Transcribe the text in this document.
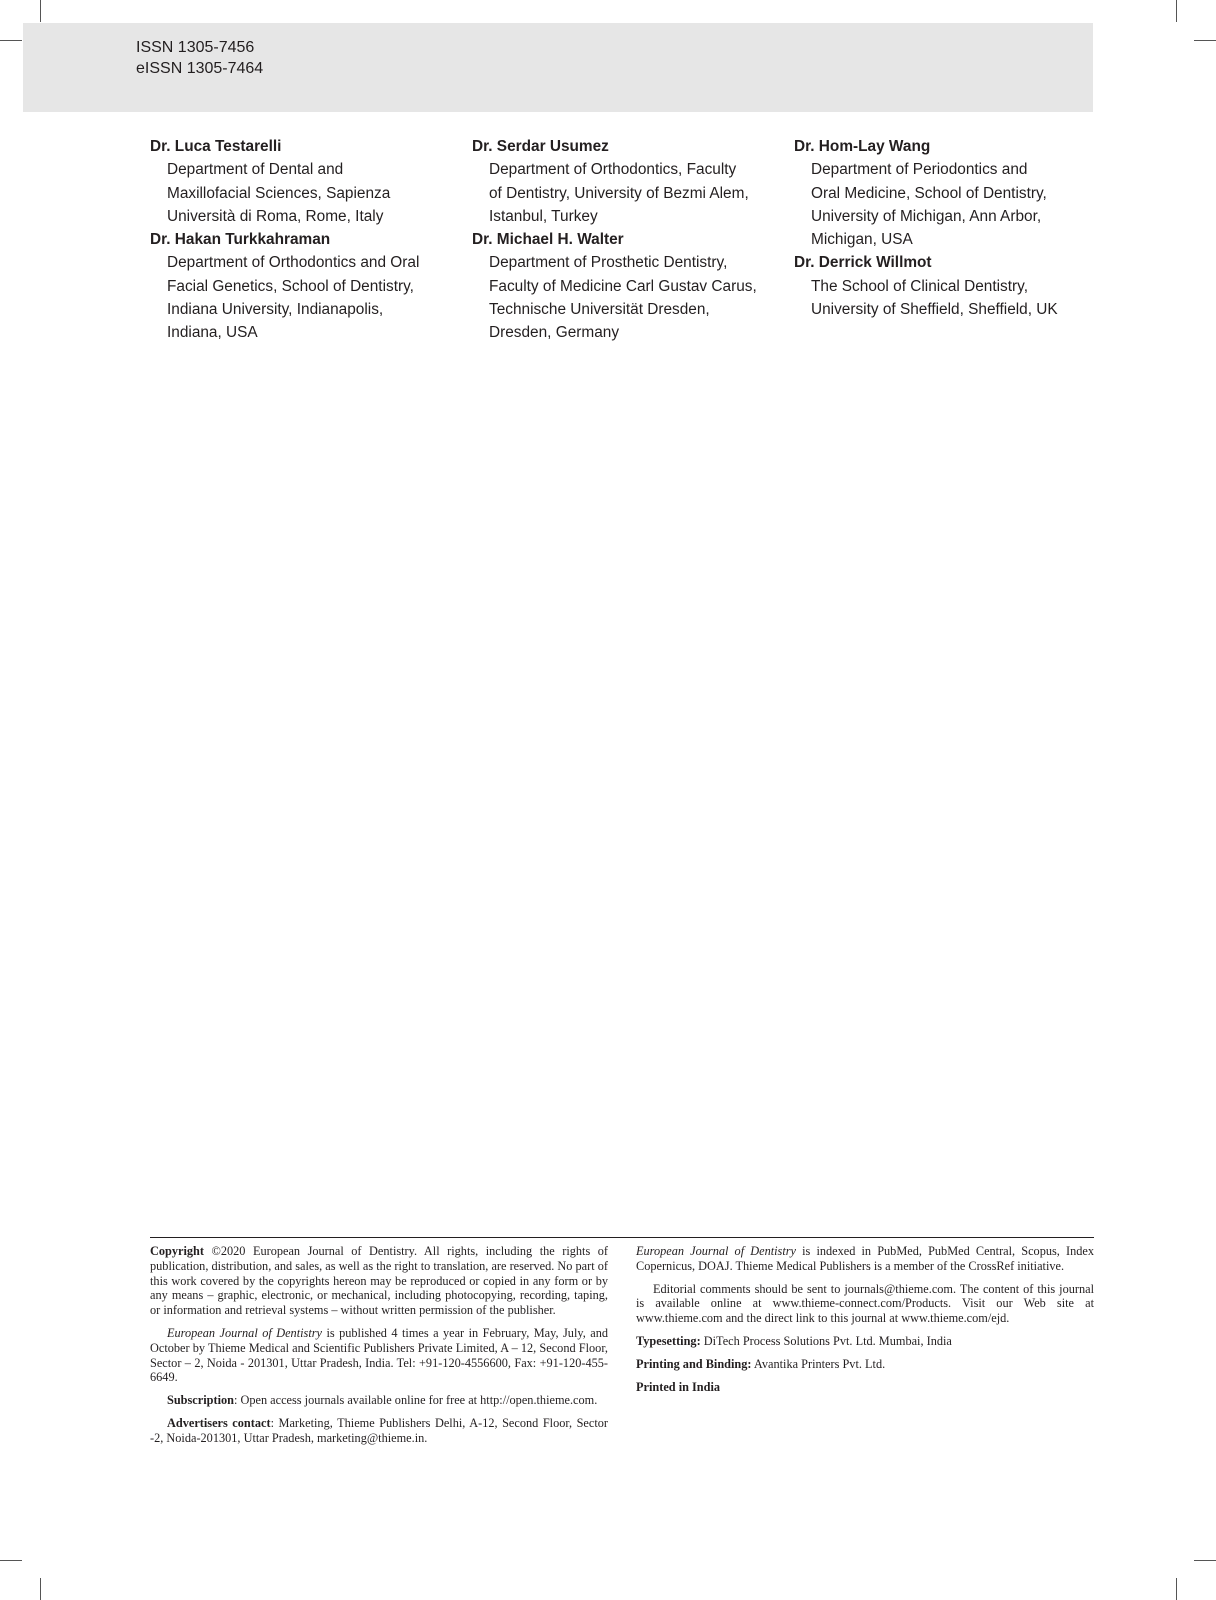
ISSN 1305-7456
eISSN 1305-7464
Dr. Luca Testarelli
Department of Dental and
Maxillofacial Sciences, Sapienza
Università di Roma, Rome, Italy
Dr. Hakan Turkkahraman
Department of Orthodontics and Oral
Facial Genetics, School of Dentistry,
Indiana University, Indianapolis,
Indiana, USA
Dr. Serdar Usumez
Department of Orthodontics, Faculty
of Dentistry, University of Bezmi Alem,
Istanbul, Turkey
Dr. Michael H. Walter
Department of Prosthetic Dentistry,
Faculty of Medicine Carl Gustav Carus,
Technische Universität Dresden,
Dresden, Germany
Dr. Hom-Lay Wang
Department of Periodontics and
Oral Medicine, School of Dentistry,
University of Michigan, Ann Arbor,
Michigan, USA
Dr. Derrick Willmot
The School of Clinical Dentistry,
University of Sheffield, Sheffield, UK

Copyright ©2020 European Journal of Dentistry. All rights, including the rights of publication, distribution, and sales, as well as the right to translation, are reserved. No part of this work covered by the copyrights hereon may be reproduced or copied in any form or by any means – graphic, electronic, or mechanical, including photocopying, recording, taping, or information and retrieval systems – without written permission of the publisher.

European Journal of Dentistry is published 4 times a year in February, May, July, and October by Thieme Medical and Scientific Publishers Private Limited, A – 12, Second Floor, Sector – 2, Noida - 201301, Uttar Pradesh, India. Tel: +91-120-4556600, Fax: +91-120-455-6649.

Subscription: Open access journals available online for free at http://open.thieme.com.

Advertisers contact: Marketing, Thieme Publishers Delhi, A-12, Second Floor, Sector -2, Noida-201301, Uttar Pradesh, marketing@thieme.in.

European Journal of Dentistry is indexed in PubMed, PubMed Central, Scopus, Index Copernicus, DOAJ. Thieme Medical Publishers is a member of the CrossRef initiative.

Editorial comments should be sent to journals@thieme.com. The content of this journal is available online at www.thieme-connect.com/Products. Visit our Web site at www.thieme.com and the direct link to this journal at www.thieme.com/ejd.

Typesetting: DiTech Process Solutions Pvt. Ltd. Mumbai, India

Printing and Binding: Avantika Printers Pvt. Ltd.

Printed in India
